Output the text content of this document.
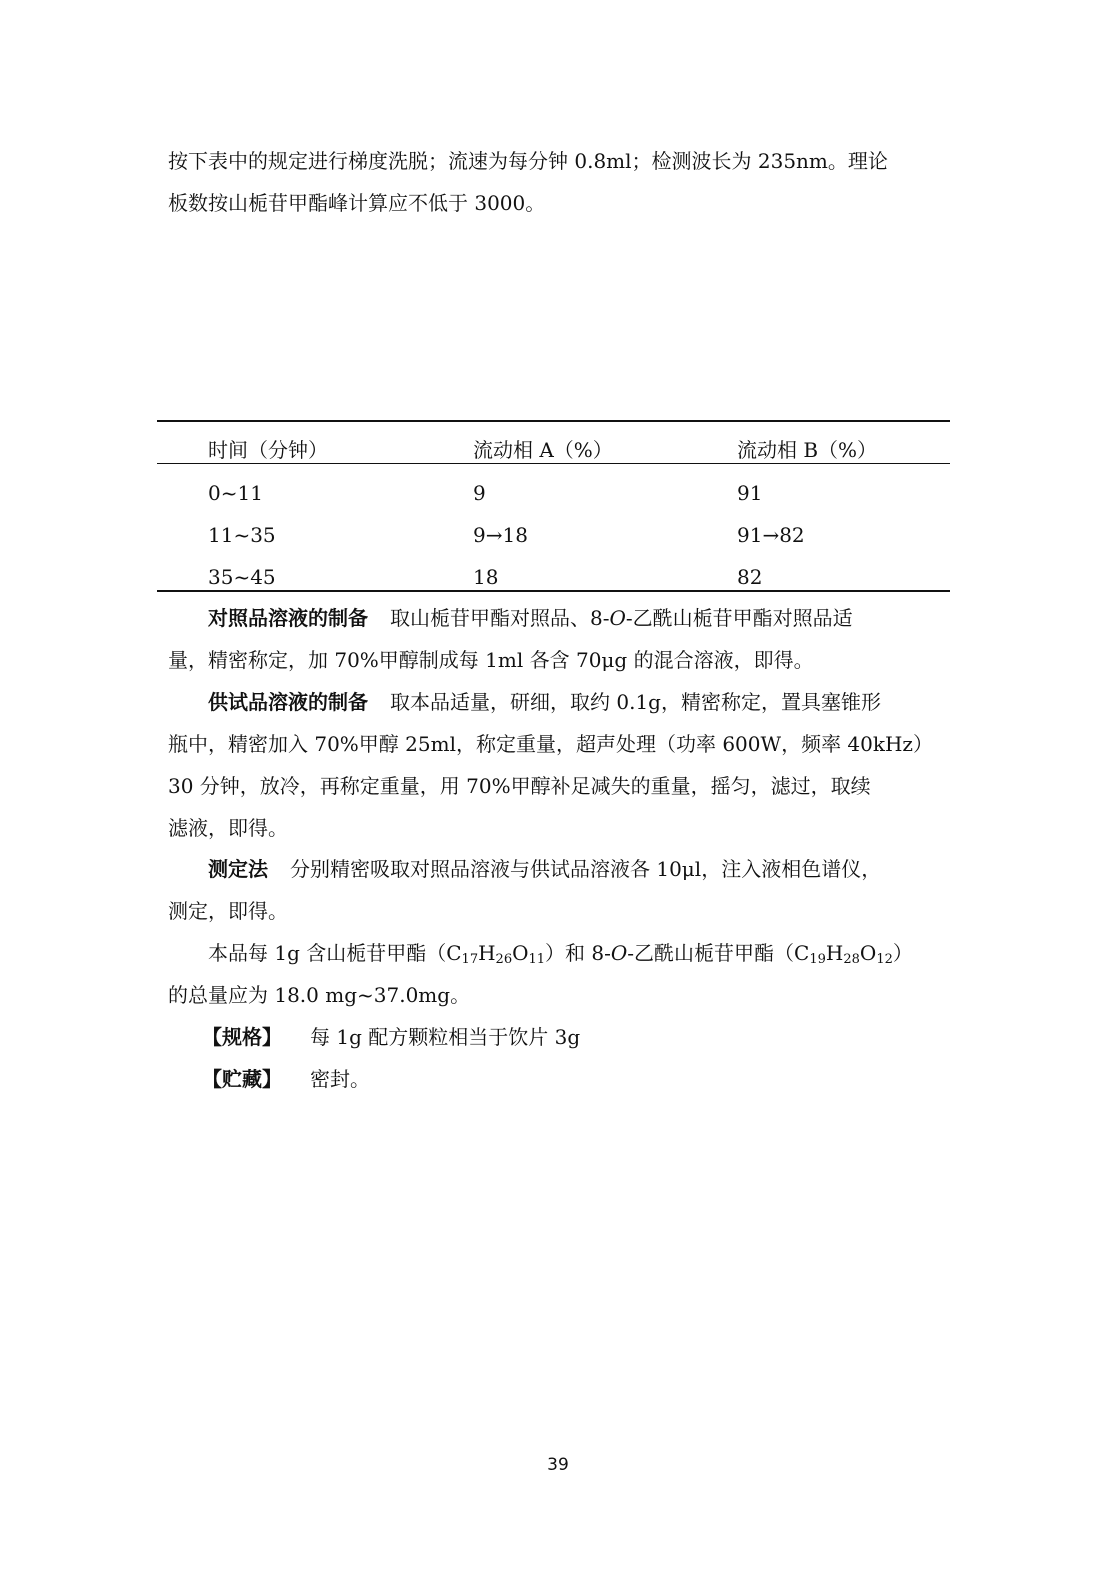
按下表中的规定进行梯度洗脱；流速为每分钟 0.8ml；检测波长为 235nm。理论
板数按山栀苷甲酯峰计算应不低于 3000。
时间（分钟）	流动相 A（%）	流动相 B（%）
0~11	9	91
11~35	9→18	91→82
35~45	18	82
对照品溶液的制备 取山栀苷甲酯对照品、8-O-乙酰山栀苷甲酯对照品适
量，精密称定，加 70%甲醇制成每 1ml 各含 70μg 的混合溶液，即得。
供试品溶液的制备 取本品适量，研细，取约 0.1g，精密称定，置具塞锥形
瓶中，精密加入 70%甲醇 25ml，称定重量，超声处理（功率 600W，频率 40kHz）
30 分钟，放冷，再称定重量，用 70%甲醇补足减失的重量，摇匀，滤过，取续
滤液，即得。
测定法 分别精密吸取对照品溶液与供试品溶液各 10μl，注入液相色谱仪，
测定，即得。
本品每 1g 含山栀苷甲酯$(C_{17}H_{26}O_{11})$和 8-O-乙酰山栀苷甲酯$(C_{19}H_{28}O_{12})$
的总量应为 18.0 mg~37.0mg。
【规格】 每 1g 配方颗粒相当于饮片 3g
【贮藏】 密封。
39
